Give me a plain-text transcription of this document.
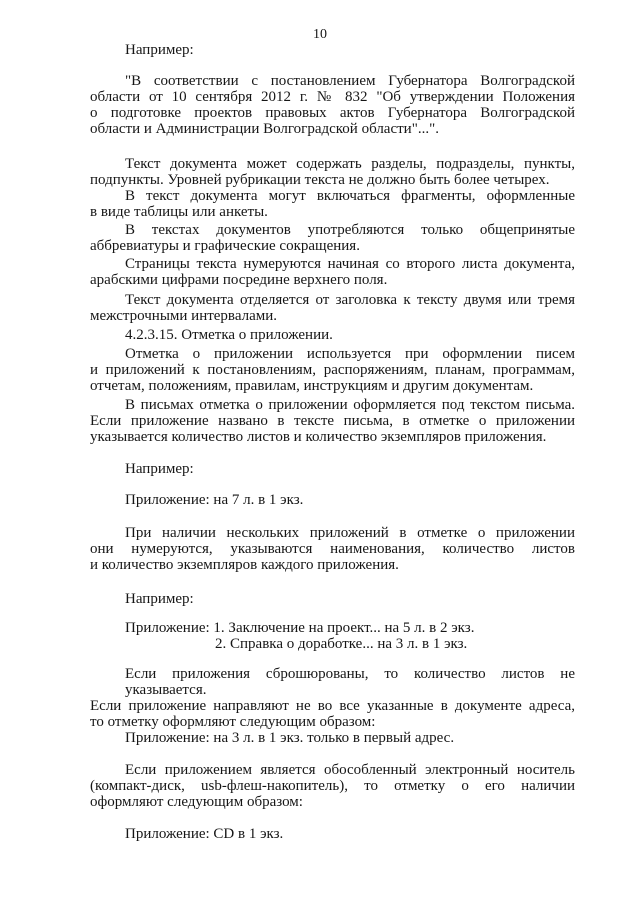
10
Например:
"В соответствии с постановлением Губернатора Волгоградской
области от 10 сентября 2012 г. № 832 "Об утверждении Положения
о подготовке проектов правовых актов Губернатора Волгоградской
области и Администрации Волгоградской области"...".
Текст документа может содержать разделы, подразделы, пункты,
подпункты. Уровней рубрикации текста не должно быть более четырех.
В текст документа могут включаться фрагменты, оформленные
в виде таблицы или анкеты.
В текстах документов употребляются только общепринятые
аббревиатуры и графические сокращения.
Страницы текста нумеруются начиная со второго листа документа,
арабскими цифрами посредине верхнего поля.
Текст документа отделяется от заголовка к тексту двумя или тремя
межстрочными интервалами.
4.2.3.15. Отметка о приложении.
Отметка о приложении используется при оформлении писем
и приложений к постановлениям, распоряжениям, планам, программам,
отчетам, положениям, правилам, инструкциям и другим документам.
В письмах отметка о приложении оформляется под текстом письма.
Если приложение названо в тексте письма, в отметке о приложении
указывается количество листов и количество экземпляров приложения.
Например:
Приложение: на 7 л. в 1 экз.
При наличии нескольких приложений в отметке о приложении
они нумеруются, указываются наименования, количество листов
и количество экземпляров каждого приложения.
Например:
Приложение: 1. Заключение на проект... на 5 л. в 2 экз.
2. Справка о доработке... на 3 л. в 1 экз.
Если приложения сброшюрованы, то количество листов не указывается.
Если приложение направляют не во все указанные в документе адреса,
то отметку оформляют следующим образом:
Приложение: на 3 л. в 1 экз. только в первый адрес.
Если приложением является обособленный электронный носитель
(компакт-диск, usb-флеш-накопитель), то отметку о его наличии
оформляют следующим образом:
Приложение: CD в 1 экз.
